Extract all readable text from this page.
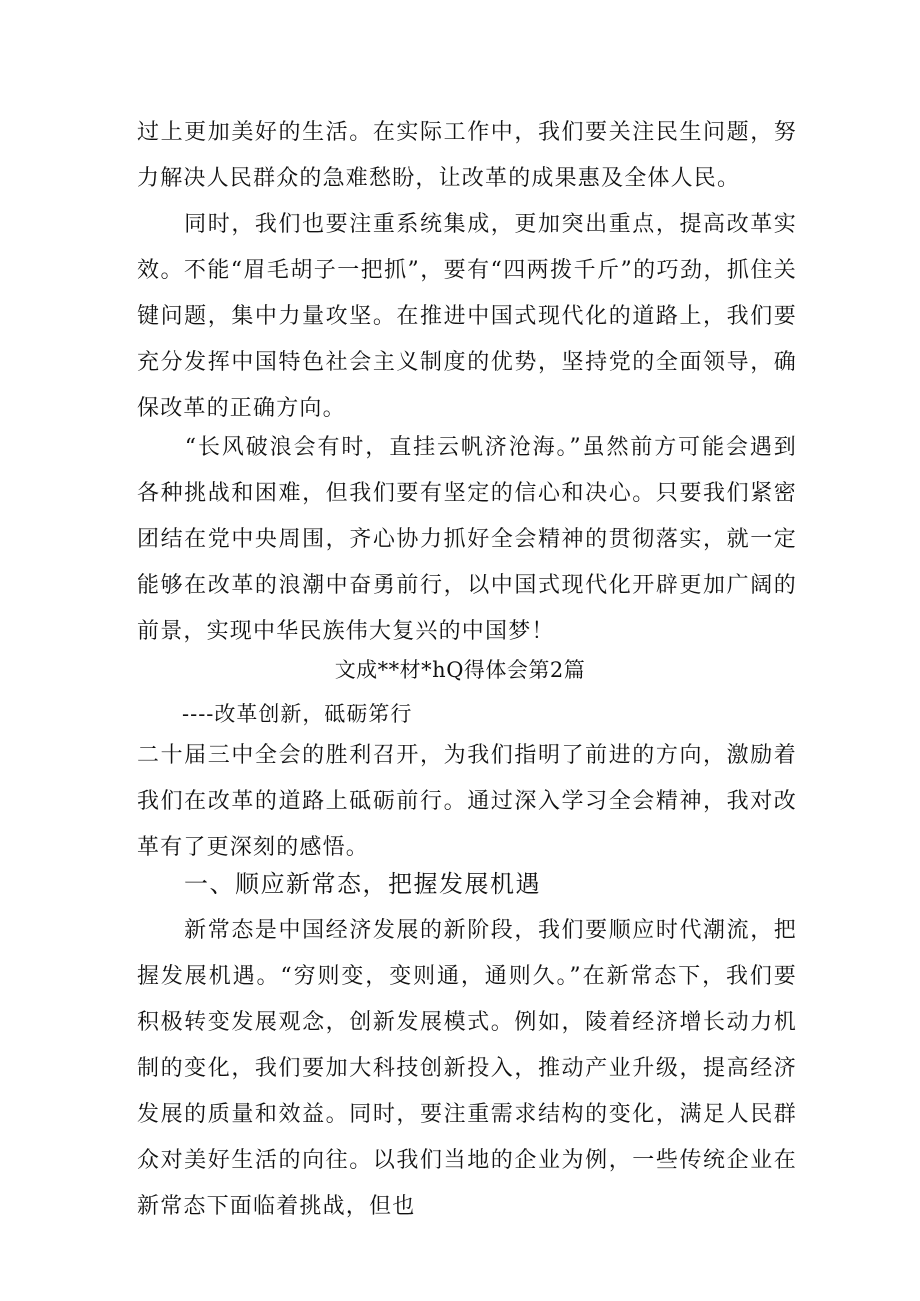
过上更加美好的生活。在实际工作中，我们要关注民生问题，努力解决人民群众的急难愁盼，让改革的成果惠及全体人民。

　　同时，我们也要注重系统集成，更加突出重点，提高改革实效。不能“眉毛胡子一把抓”，要有“四两拨千斤”的巧劲，抓住关键问题，集中力量攻坚。在推进中国式现代化的道路上，我们要充分发挥中国特色社会主义制度的优势，坚持党的全面领导，确保改革的正确方向。

　　“长风破浪会有时，直挂云帆济沧海。”虽然前方可能会遇到各种挑战和困难，但我们要有坚定的信心和决心。只要我们紧密团结在党中央周围，齐心协力抓好全会精神的贯彻落实，就一定能够在改革的浪潮中奋勇前行，以中国式现代化开辟更加广阔的前景，实现中华民族伟大复兴的中国梦！

文成**材*hQ得体会第2篇
----改革创新，砥砺笫行

二十届三中全会的胜利召开，为我们指明了前进的方向，激励着我们在改革的道路上砥砺前行。通过深入学习全会精神，我对改革有了更深刻的感悟。

一、顺应新常态，把握发展机遇

　　新常态是中国经济发展的新阶段，我们要顺应时代潮流，把握发展机遇。“穷则变，变则通，通则久。”在新常态下，我们要积极转变发展观念，创新发展模式。例如，陵着经济增长动力机制的变化，我们要加大科技创新投入，推动产业升级，提高经济发展的质量和效益。同时，要注重需求结构的变化，满足人民群众对美好生活的向往。以我们当地的企业为例，一些传统企业在新常态下面临着挑战，但也
